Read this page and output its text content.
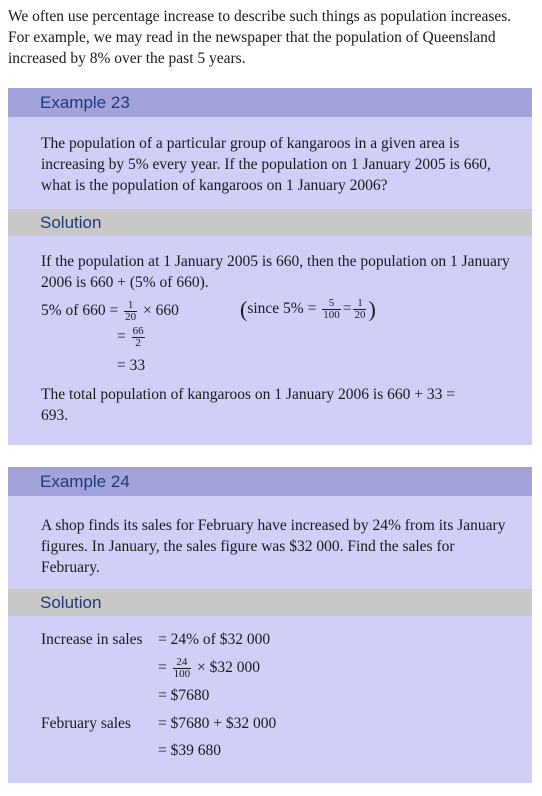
We often use percentage increase to describe such things as population increases. For example, we may read in the newspaper that the population of Queensland increased by 8% over the past 5 years.
Example 23
The population of a particular group of kangaroos in a given area is increasing by 5% every year. If the population on 1 January 2005 is 660, what is the population of kangaroos on 1 January 2006?
Solution
If the population at 1 January 2005 is 660, then the population on 1 January 2006 is 660 + (5% of 660).
5% of $660 = \frac{1}{20} \times 660$	(since $5\% = \frac{5}{100} = \frac{1}{20}$ )
= $\frac{66}{2}$
= 33
The total population of kangaroos on 1 January 2006 is 660 + 33 = 693.
Example 24
A shop finds its sales for February have increased by 24% from its January figures. In January, the sales figure was $32 000. Find the sales for February.
Solution
Increase in sales = 24% of $32 000
= $\frac{24}{100}$ × $32 000
= $7680
February sales = $7680 + $32 000
= $39 680
